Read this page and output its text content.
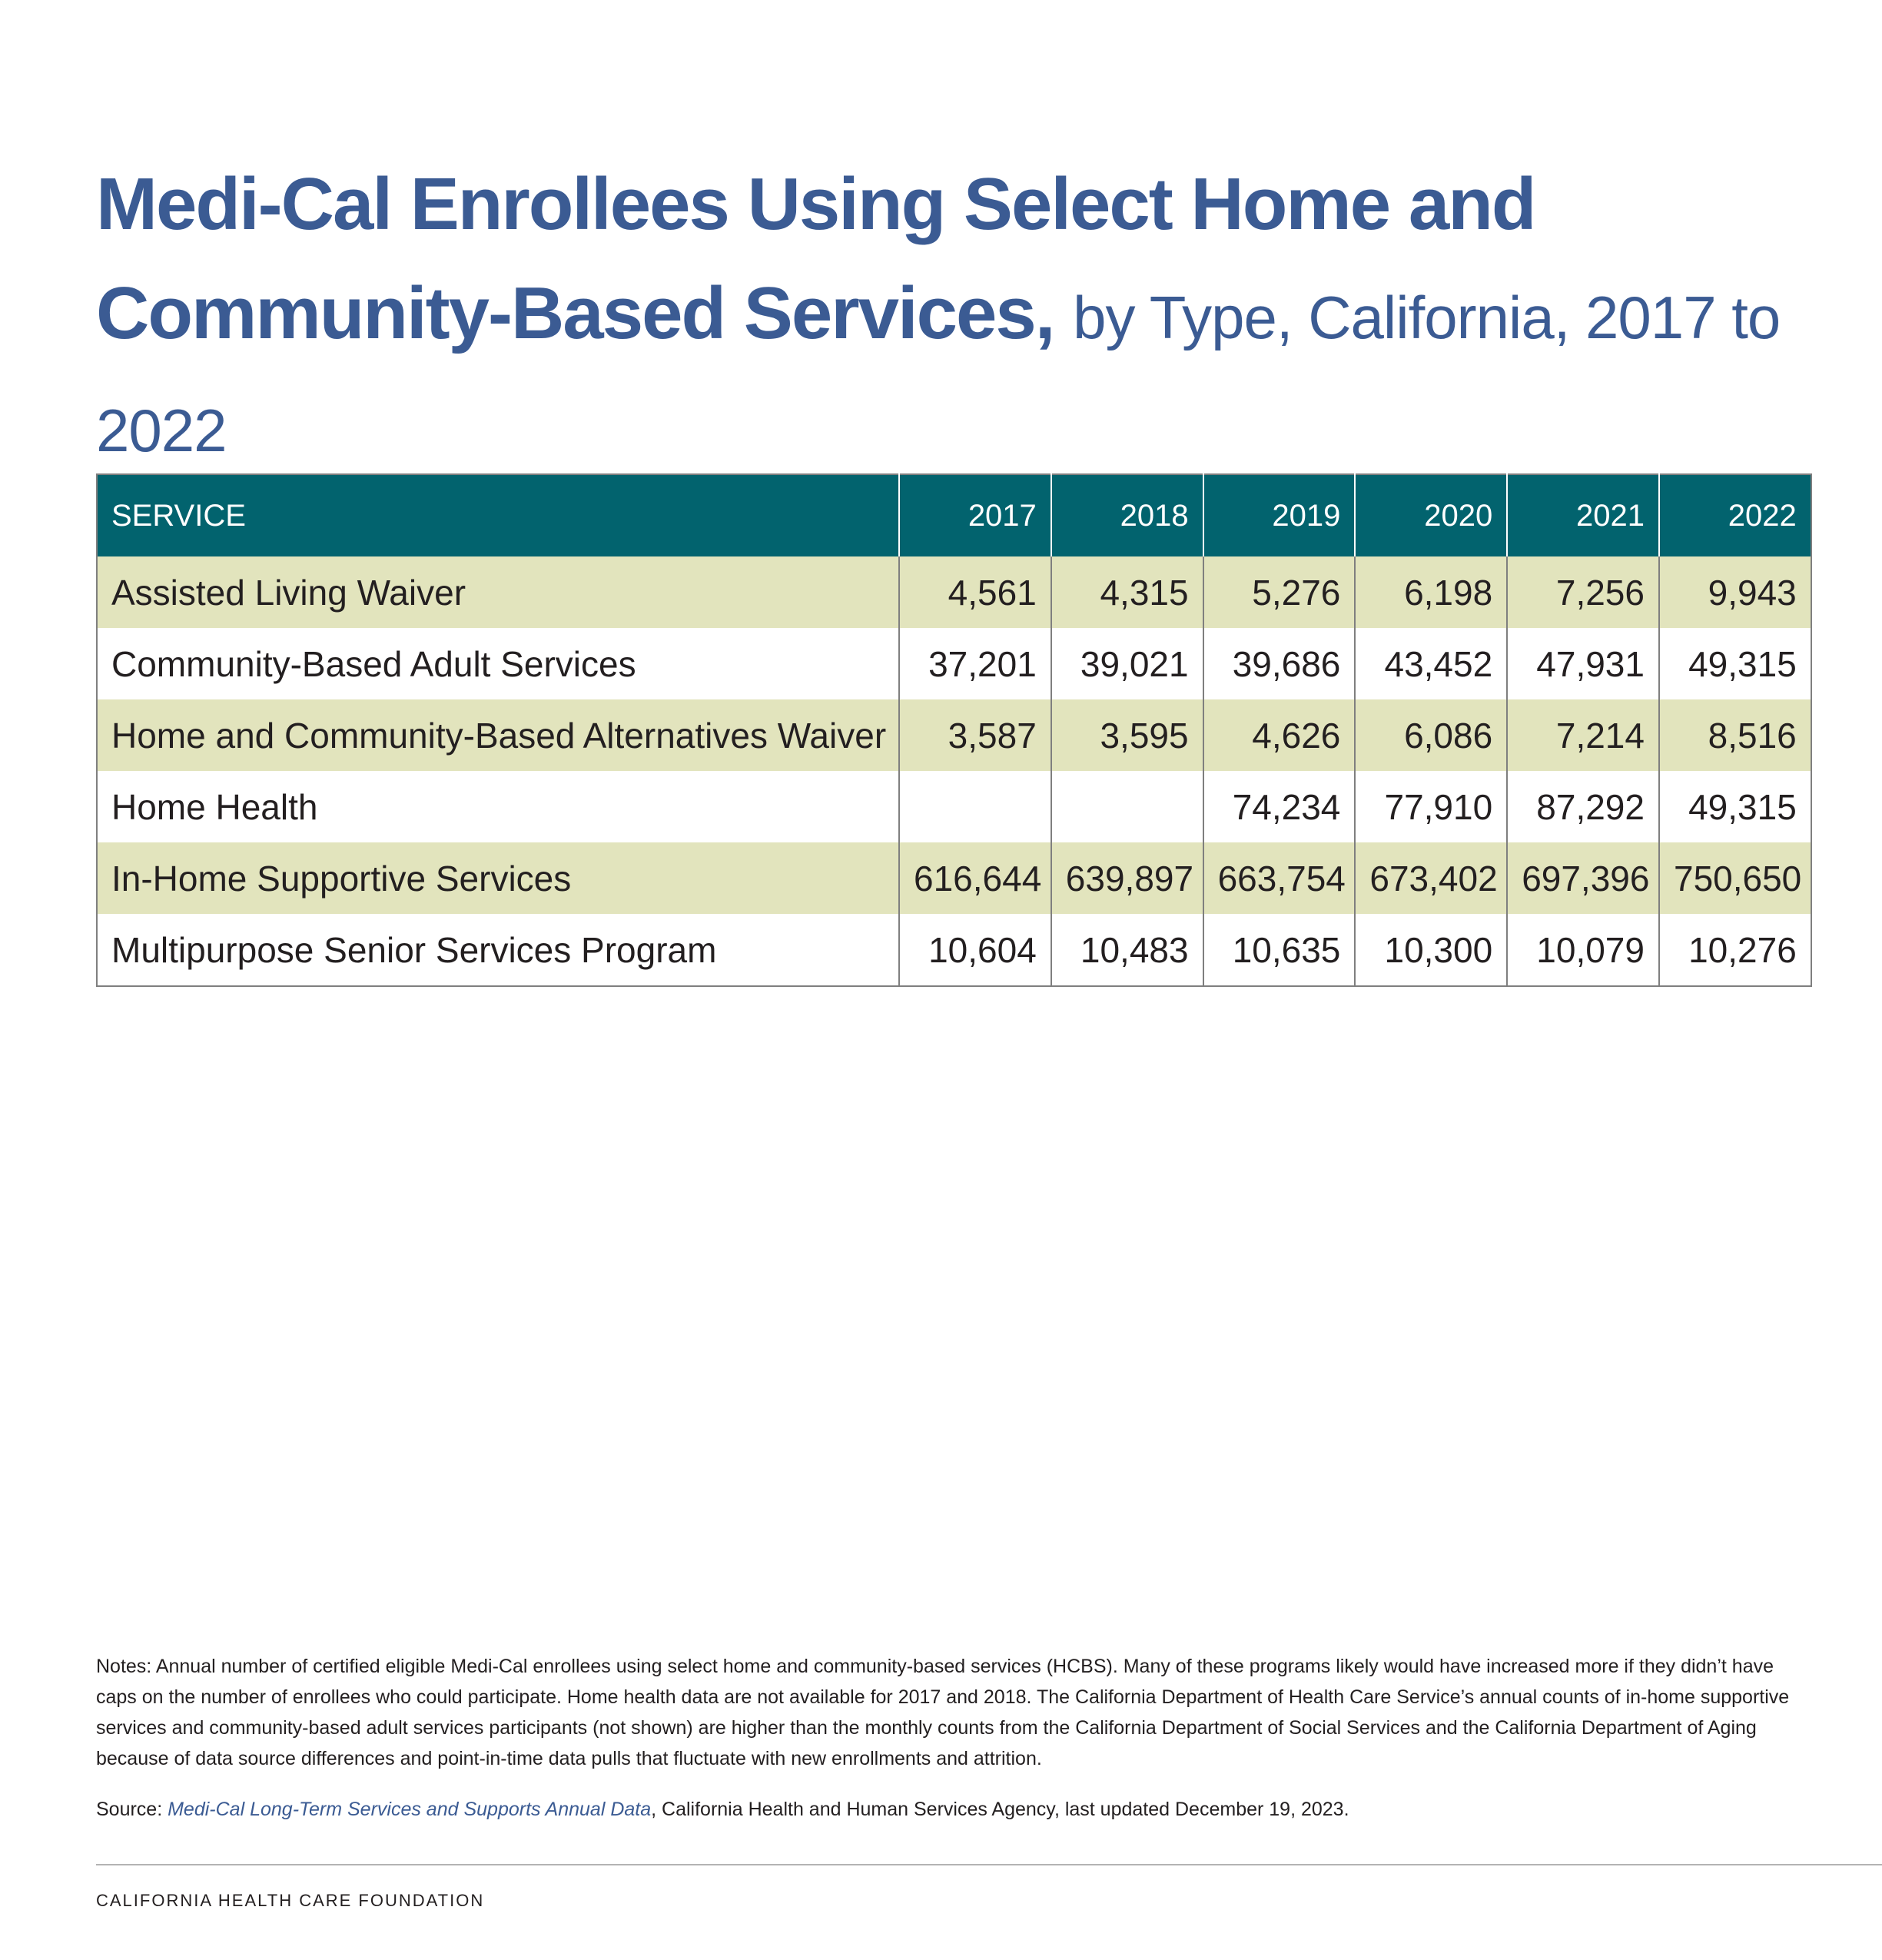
Medi-Cal Enrollees Using Select Home and Community-Based Services, by Type, California, 2017 to 2022
SERVICE	2017	2018	2019	2020	2021	2022
Assisted Living Waiver	4,561	4,315	5,276	6,198	7,256	9,943
Community-Based Adult Services	37,201	39,021	39,686	43,452	47,931	49,315
Home and Community-Based Alternatives Waiver	3,587	3,595	4,626	6,086	7,214	8,516
Home Health			74,234	77,910	87,292	49,315
In-Home Supportive Services	616,644	639,897	663,754	673,402	697,396	750,650
Multipurpose Senior Services Program	10,604	10,483	10,635	10,300	10,079	10,276

Notes: Annual number of certified eligible Medi-Cal enrollees using select home and community-based services (HCBS). Many of these programs likely would have increased more if they didn’t have caps on the number of enrollees who could participate. Home health data are not available for 2017 and 2018. The California Department of Health Care Service’s annual counts of in-home supportive services and community-based adult services participants (not shown) are higher than the monthly counts from the California Department of Social Services and the California Department of Aging because of data source differences and point-in-time data pulls that fluctuate with new enrollments and attrition.

Source: Medi-Cal Long-Term Services and Supports Annual Data, California Health and Human Services Agency, last updated December 19, 2023.

CALIFORNIA HEALTH CARE FOUNDATION
